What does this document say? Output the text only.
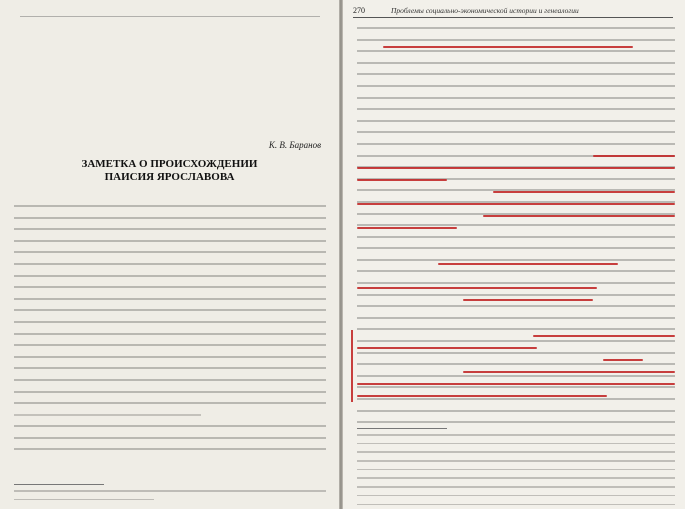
К. В. Баранов
ЗАМЕТКА О ПРОИСХОЖДЕНИИ
ПАИСИЯ ЯРОСЛАВОВА
270	Проблемы социально-экономической истории и генеалогии
